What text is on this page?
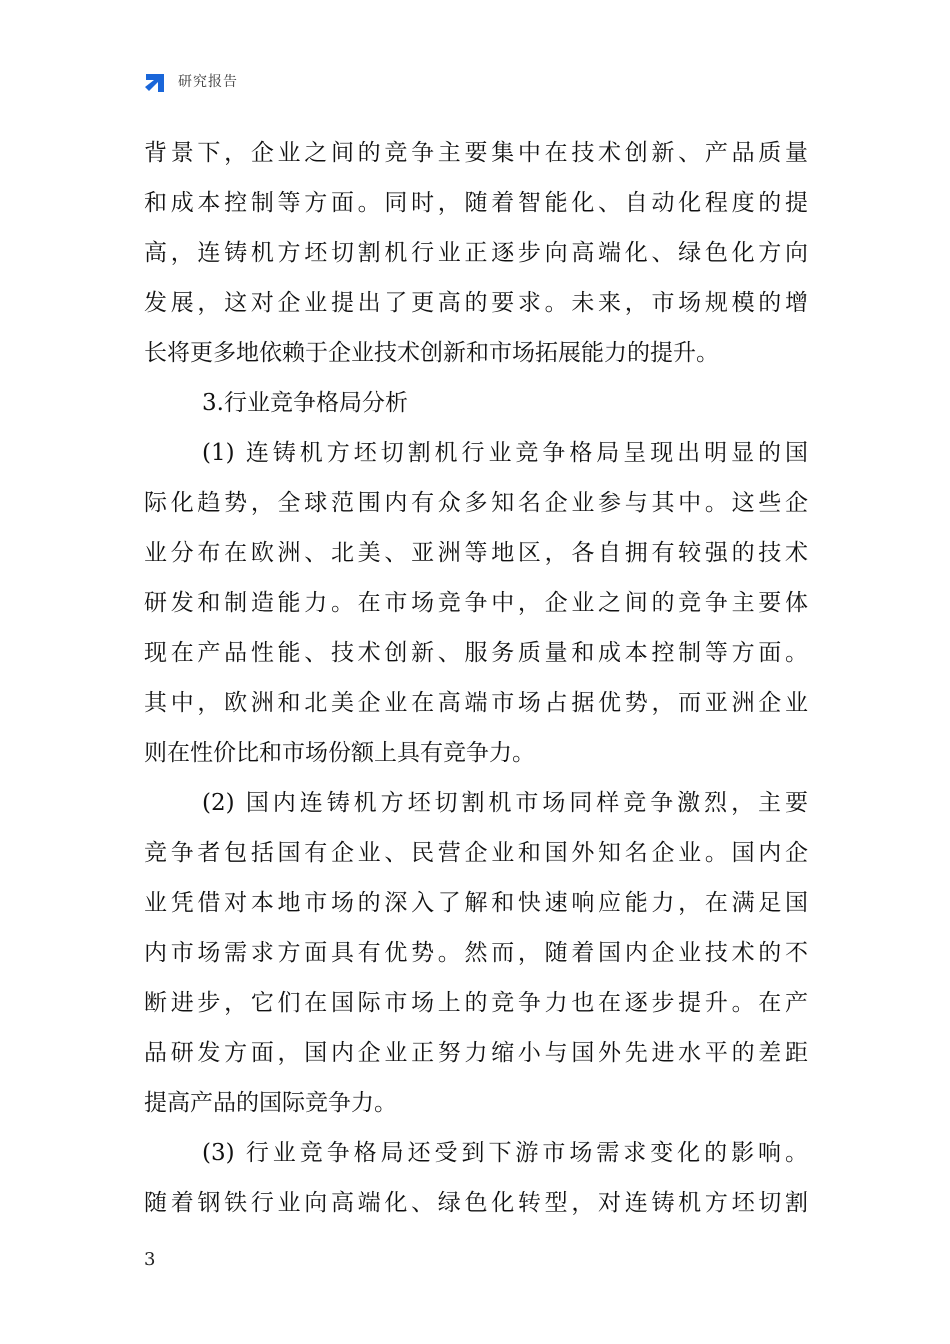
研究报告
背景下，企业之间的竞争主要集中在技术创新、产品质量
和成本控制等方面。同时，随着智能化、自动化程度的提
高，连铸机方坯切割机行业正逐步向高端化、绿色化方向
发展，这对企业提出了更高的要求。未来，市场规模的增
长将更多地依赖于企业技术创新和市场拓展能力的提升。
3.行业竞争格局分析
(1) 连铸机方坯切割机行业竞争格局呈现出明显的国
际化趋势，全球范围内有众多知名企业参与其中。这些企
业分布在欧洲、北美、亚洲等地区，各自拥有较强的技术
研发和制造能力。在市场竞争中，企业之间的竞争主要体
现在产品性能、技术创新、服务质量和成本控制等方面。
其中，欧洲和北美企业在高端市场占据优势，而亚洲企业
则在性价比和市场份额上具有竞争力。
(2) 国内连铸机方坯切割机市场同样竞争激烈，主要
竞争者包括国有企业、民营企业和国外知名企业。国内企
业凭借对本地市场的深入了解和快速响应能力，在满足国
内市场需求方面具有优势。然而，随着国内企业技术的不
断进步，它们在国际市场上的竞争力也在逐步提升。在产
品研发方面，国内企业正努力缩小与国外先进水平的差距
提高产品的国际竞争力。
(3) 行业竞争格局还受到下游市场需求变化的影响。
随着钢铁行业向高端化、绿色化转型，对连铸机方坯切割
3
